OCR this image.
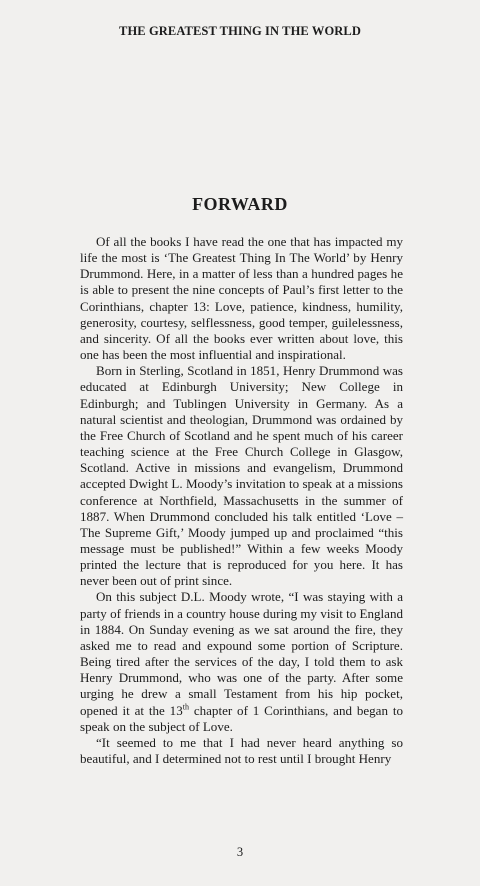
THE GREATEST THING IN THE WORLD
FORWARD

Of all the books I have read the one that has impacted my life the most is ‘The Greatest Thing In The World’ by Henry Drummond. Here, in a matter of less than a hundred pages he is able to present the nine concepts of Paul’s first letter to the Corinthians, chapter 13: Love, patience, kindness, humility, generosity, courtesy, selflessness, good temper, guilelessness, and sincerity. Of all the books ever written about love, this one has been the most influential and inspirational.

Born in Sterling, Scotland in 1851, Henry Drummond was educated at Edinburgh University; New College in Edinburgh; and Tublingen University in Germany. As a natural scientist and theologian, Drummond was ordained by the Free Church of Scotland and he spent much of his career teaching science at the Free Church College in Glasgow, Scotland. Active in missions and evangelism, Drummond accepted Dwight L. Moody’s invitation to speak at a missions conference at Northfield, Massachusetts in the summer of 1887. When Drummond concluded his talk entitled ‘Love – The Supreme Gift,’ Moody jumped up and proclaimed “this message must be published!” Within a few weeks Moody printed the lecture that is reproduced for you here. It has never been out of print since.

On this subject D.L. Moody wrote, “I was staying with a party of friends in a country house during my visit to England in 1884. On Sunday evening as we sat around the fire, they asked me to read and expound some portion of Scripture. Being tired after the services of the day, I told them to ask Henry Drummond, who was one of the party. After some urging he drew a small Testament from his hip pocket, opened it at the 13th chapter of 1 Corinthians, and began to speak on the subject of Love.

“It seemed to me that I had never heard anything so beautiful, and I determined not to rest until I brought Henry

3
